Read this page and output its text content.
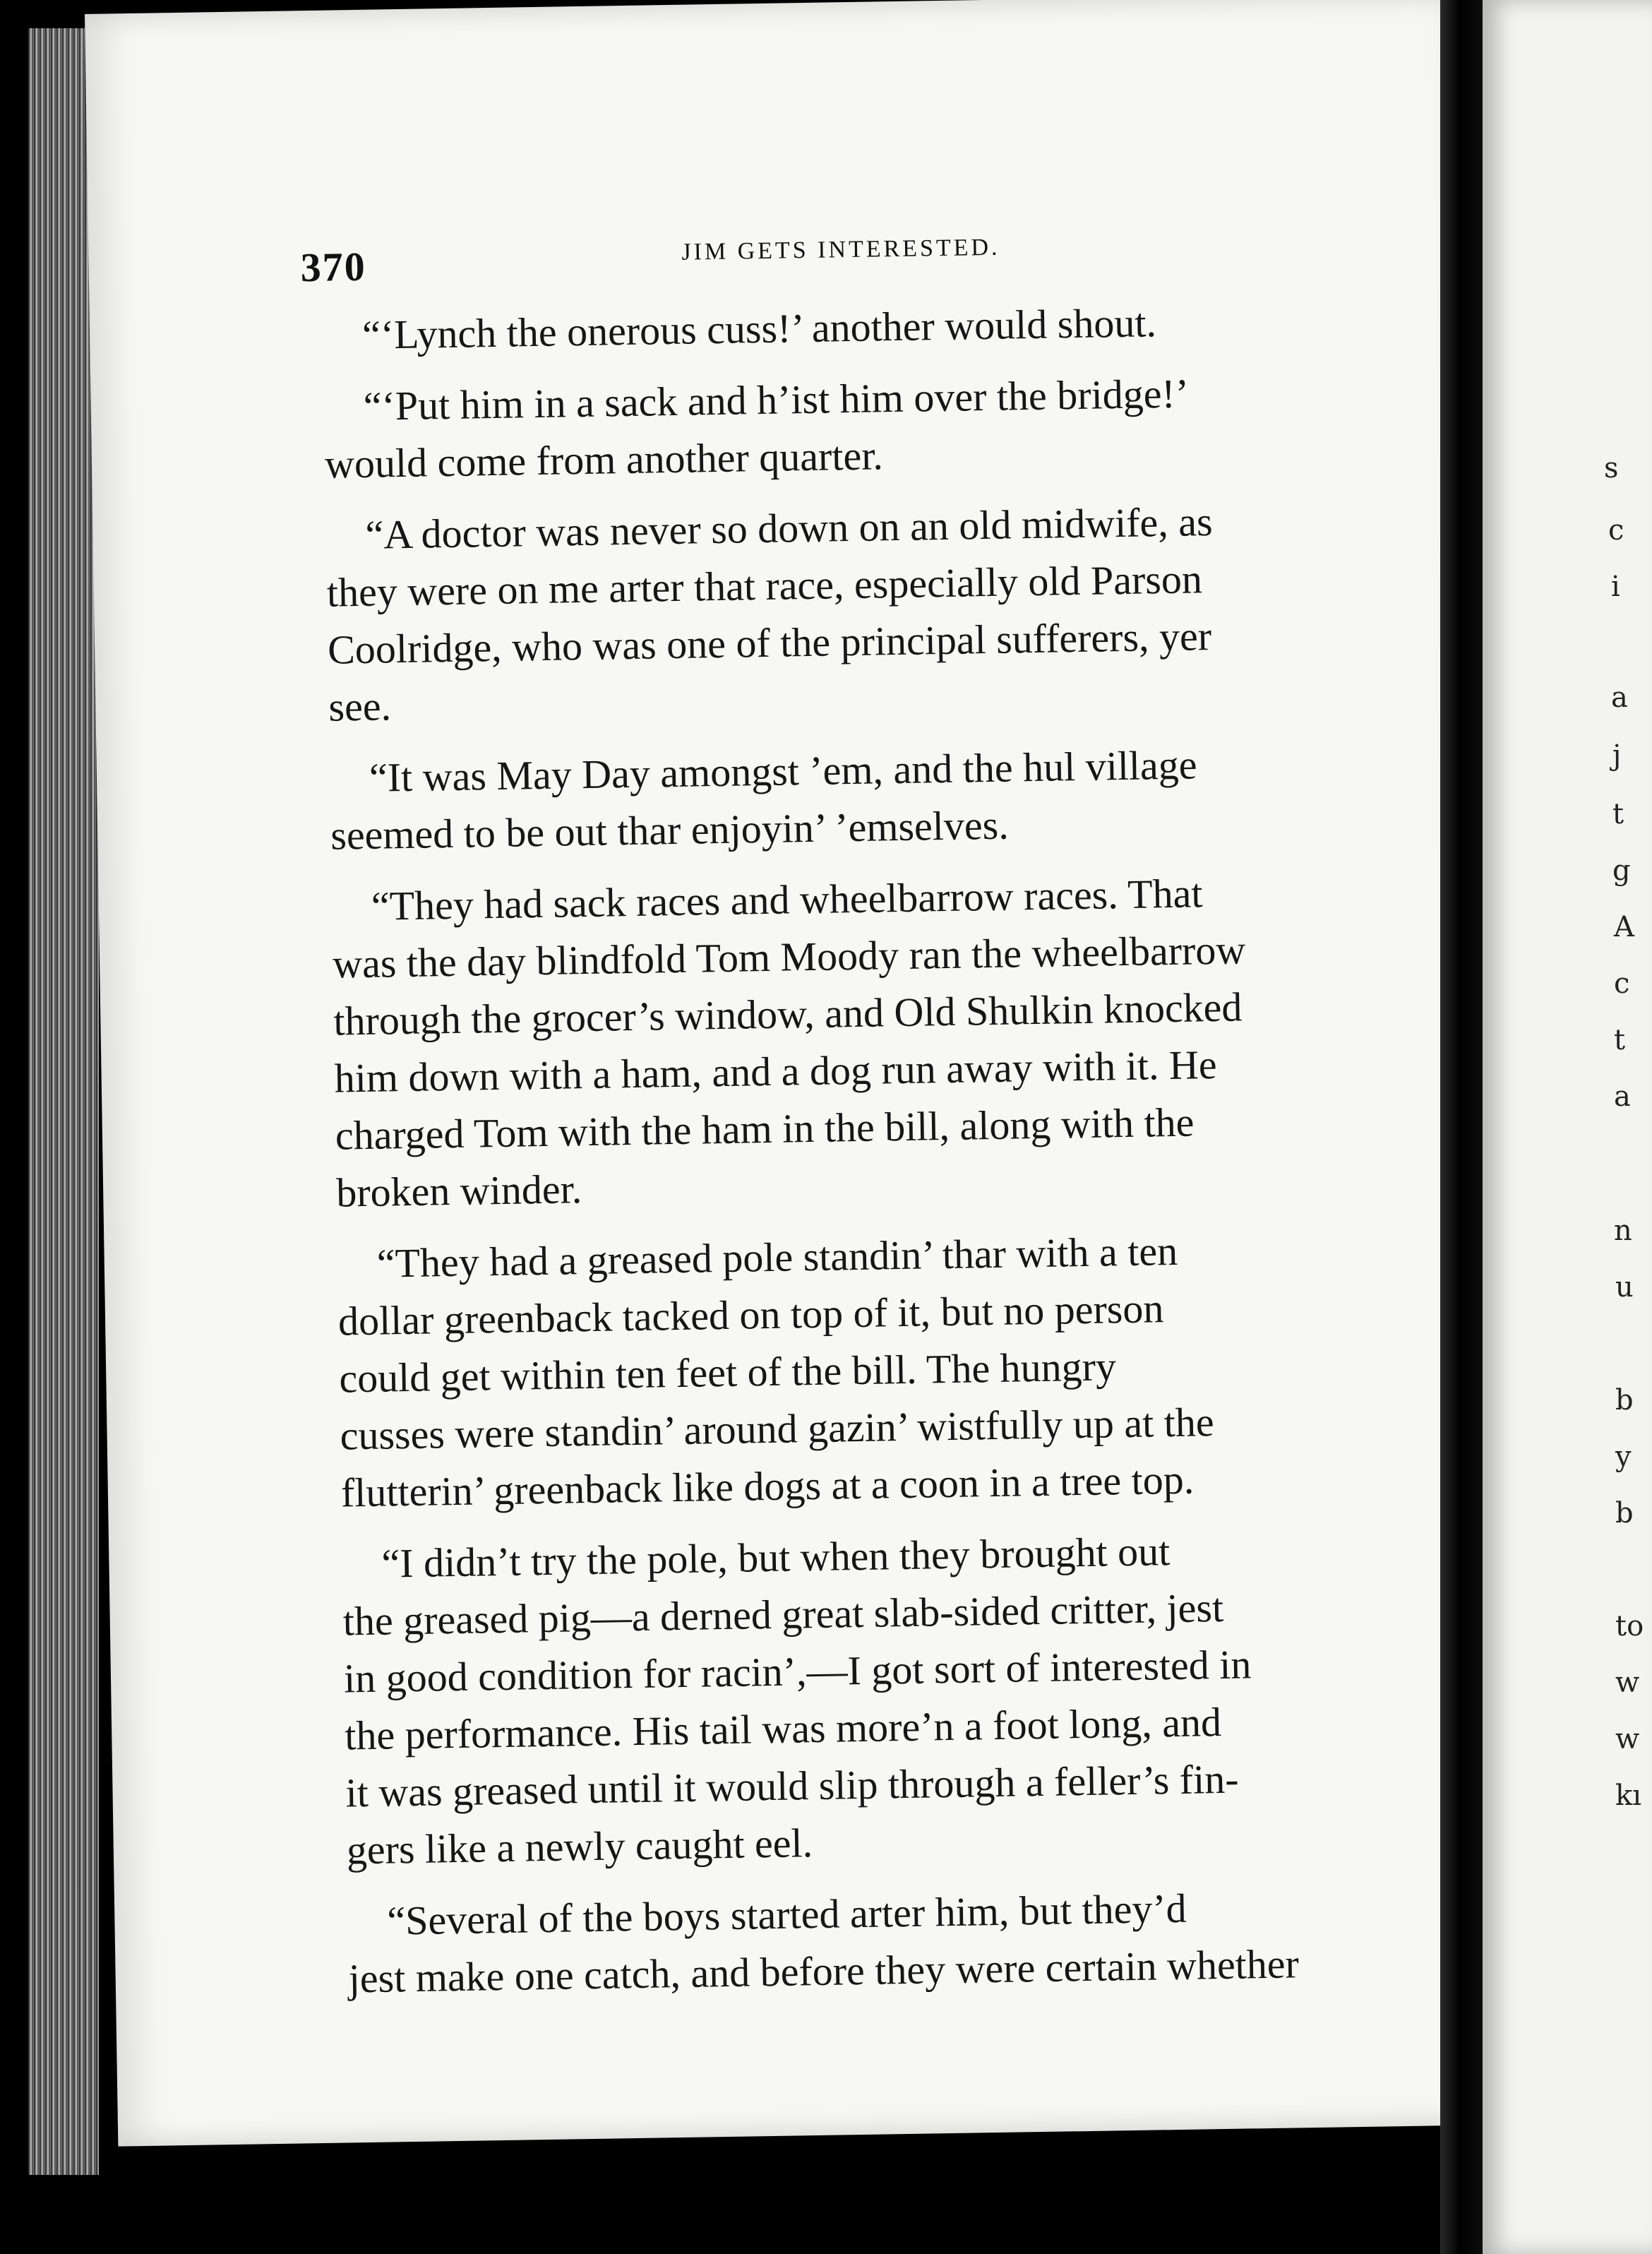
370	JIM GETS INTERESTED.
“‘Lynch the onerous cuss!’ another would shout.
“‘Put him in a sack and h’ist him over the bridge!’
would come from another quarter.
“A doctor was never so down on an old midwife, as
they were on me arter that race, especially old Parson
Coolridge, who was one of the principal sufferers, yer
see.
“It was May Day amongst ’em, and the hul village
seemed to be out thar enjoyin’ ’emselves.
“They had sack races and wheelbarrow races. That
was the day blindfold Tom Moody ran the wheelbarrow
through the grocer’s window, and Old Shulkin knocked
him down with a ham, and a dog run away with it. He
charged Tom with the ham in the bill, along with the
broken winder.
“They had a greased pole standin’ thar with a ten
dollar greenback tacked on top of it, but no person
could get within ten feet of the bill. The hungry
cusses were standin’ around gazin’ wistfully up at the
flutterin’ greenback like dogs at a coon in a tree top.
“I didn’t try the pole, but when they brought out
the greased pig—a derned great slab-sided critter, jest
in good condition for racin’,—I got sort of interested in
the performance. His tail was more’n a foot long, and
it was greased until it would slip through a feller’s fin-
gers like a newly caught eel.
“Several of the boys started arter him, but they’d
jest make one catch, and before they were certain whether
s
c
i
a
j
t
g
A
c
t
a
n
u
b
y
b
to
w
w
kı
